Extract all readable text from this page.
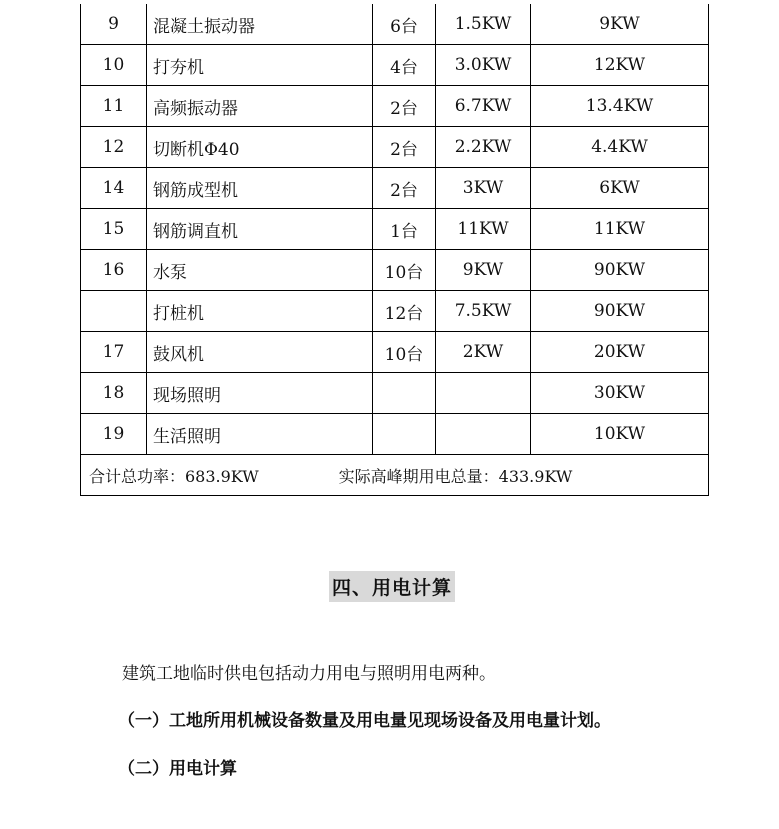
9	混凝土振动器	6台	1.5KW	9KW
10	打夯机	4台	3.0KW	12KW
11	高频振动器	2台	6.7KW	13.4KW
12	切断机Φ40	2台	2.2KW	4.4KW
14	钢筋成型机	2台	3KW	6KW
15	钢筋调直机	1台	11KW	11KW
16	水泵	10台	9KW	90KW
	打桩机	12台	7.5KW	90KW
17	鼓风机	10台	2KW	20KW
18	现场照明			30KW
19	生活照明			10KW
合计总功率：683.9KW 实际高峰期用电总量：433.9KW				
四、用电计算
建筑工地临时供电包括动力用电与照明用电两种。
（一）工地所用机械设备数量及用电量见现场设备及用电量计划。
（二）用电计算
